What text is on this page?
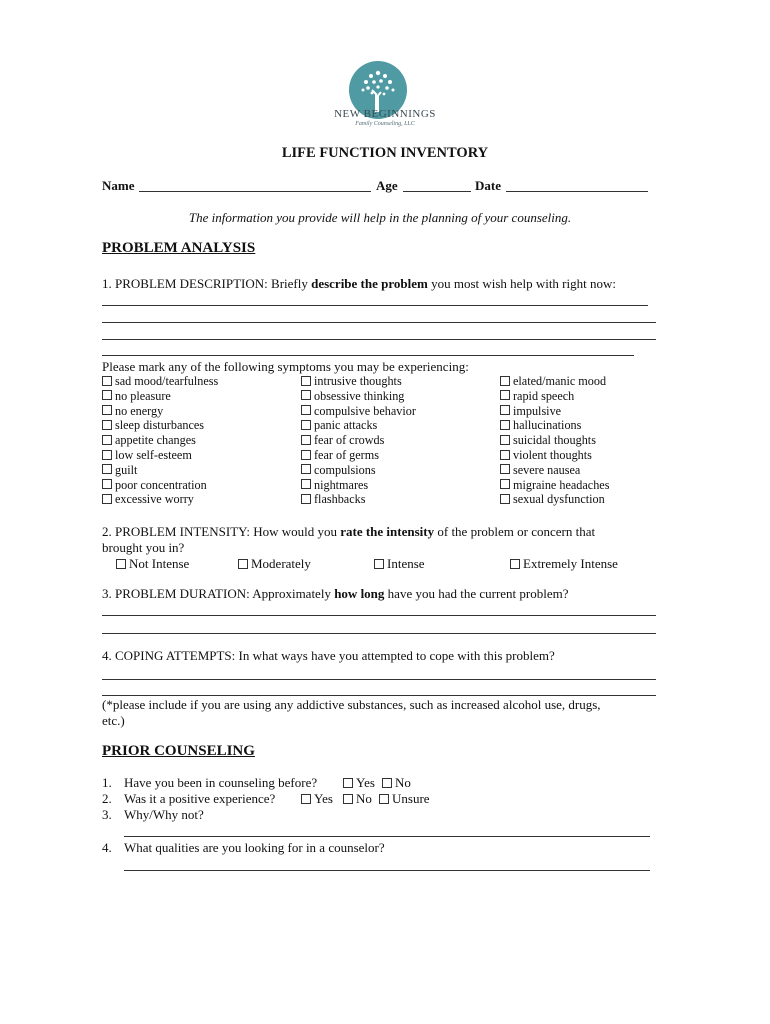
NEW BEGINNINGS
Family Counseling, LLC
LIFE FUNCTION INVENTORY
Name	Age	Date
The information you provide will help in the planning of your counseling.
PROBLEM ANALYSIS
1. PROBLEM DESCRIPTION: Briefly describe the problem you most wish help with right now:
Please mark any of the following symptoms you may be experiencing:
sad mood/tearfulness
no pleasure
no energy
sleep disturbances
appetite changes
low self-esteem
guilt
poor concentration
excessive worry
intrusive thoughts
obsessive thinking
compulsive behavior
panic attacks
fear of crowds
fear of germs
compulsions
nightmares
flashbacks
elated/manic mood
rapid speech
impulsive
hallucinations
suicidal thoughts
violent thoughts
severe nausea
migraine headaches
sexual dysfunction
2. PROBLEM INTENSITY: How would you rate the intensity of the problem or concern that
brought you in?
Not Intense	Moderately	Intense	Extremely Intense
3. PROBLEM DURATION: Approximately how long have you had the current problem?
4. COPING ATTEMPTS: In what ways have you attempted to cope with this problem?
(*please include if you are using any addictive substances, such as increased alcohol use, drugs,
etc.)
PRIOR COUNSELING
1. Have you been in counseling before?	Yes	No
2. Was it a positive experience?	Yes	No	Unsure
3. Why/Why not?
4. What qualities are you looking for in a counselor?
